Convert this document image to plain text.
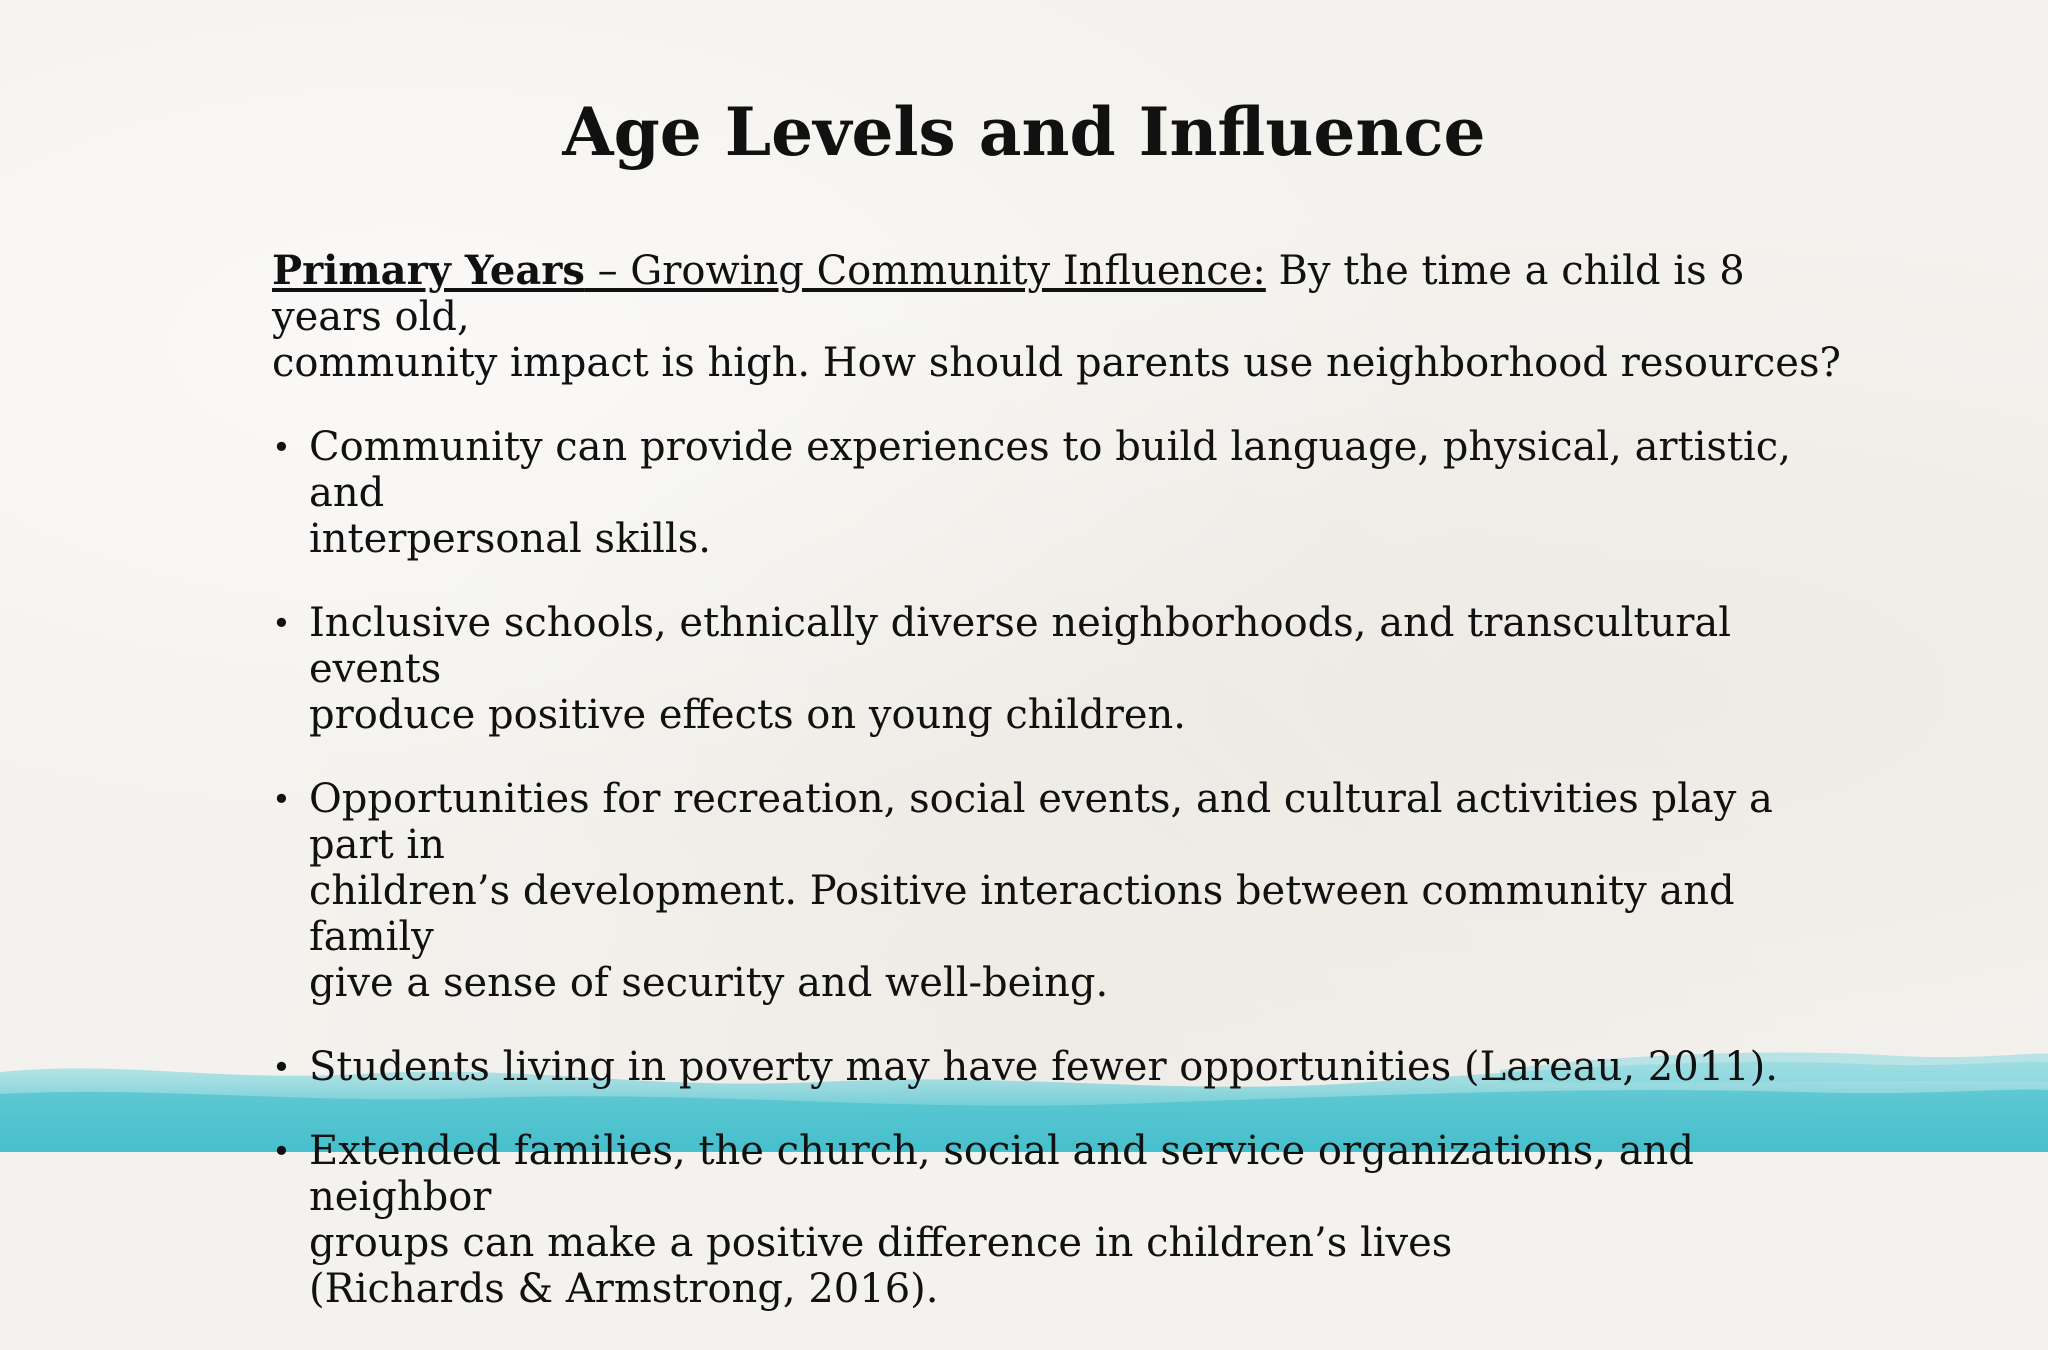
Age Levels and Influence

Primary Years – Growing Community Influence: By the time a child is 8 years old,
community impact is high. How should parents use neighborhood resources?

• Community can provide experiences to build language, physical, artistic, and
interpersonal skills.
• Inclusive schools, ethnically diverse neighborhoods, and transcultural events
produce positive effects on young children.
• Opportunities for recreation, social events, and cultural activities play a part in
children’s development. Positive interactions between community and family
give a sense of security and well-being.
• Students living in poverty may have fewer opportunities (Lareau, 2011).
• Extended families, the church, social and service organizations, and neighbor
groups can make a positive difference in children’s lives
(Richards & Armstrong, 2016).
